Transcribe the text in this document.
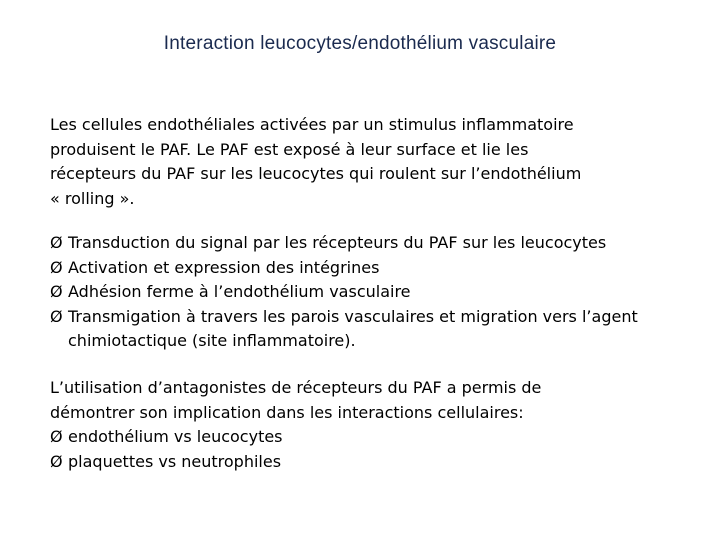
Interaction leucocytes/endothélium vasculaire
Les cellules endothéliales activées par un stimulus inflammatoire
produisent le PAF. Le PAF est exposé à leur surface et lie les
récepteurs du PAF sur les leucocytes qui roulent sur l’endothélium
« rolling ».
Ø Transduction du signal par les récepteurs du PAF sur les leucocytes
Ø Activation et expression des intégrines
Ø Adhésion ferme à l’endothélium vasculaire
Ø Transmigation à travers les parois vasculaires et migration vers l’agent chimiotactique (site inflammatoire).
L’utilisation d’antagonistes de récepteurs du PAF a permis de
démontrer son implication dans les interactions cellulaires:
Ø endothélium vs leucocytes
Ø plaquettes vs neutrophiles
